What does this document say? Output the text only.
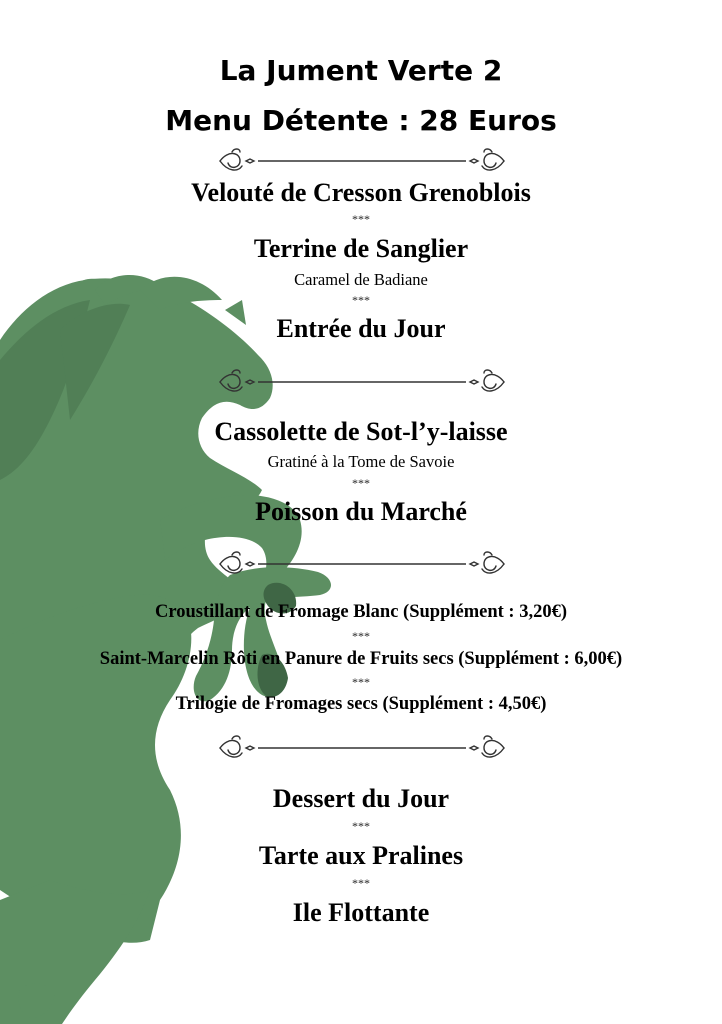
La Jument Verte 2
Menu Détente : 28 Euros
Velouté de Cresson Grenoblois
***
Terrine de Sanglier
Caramel de Badiane
***
Entrée du Jour
Cassolette de Sot-l’y-laisse
Gratiné à la Tome de Savoie
***
Poisson du Marché
Croustillant de Fromage Blanc (Supplément : 3,20€)
***
Saint-Marcelin Rôti en Panure de Fruits secs (Supplément : 6,00€)
***
Trilogie de Fromages secs (Supplément : 4,50€)
Dessert du Jour
***
Tarte aux Pralines
***
Ile Flottante
